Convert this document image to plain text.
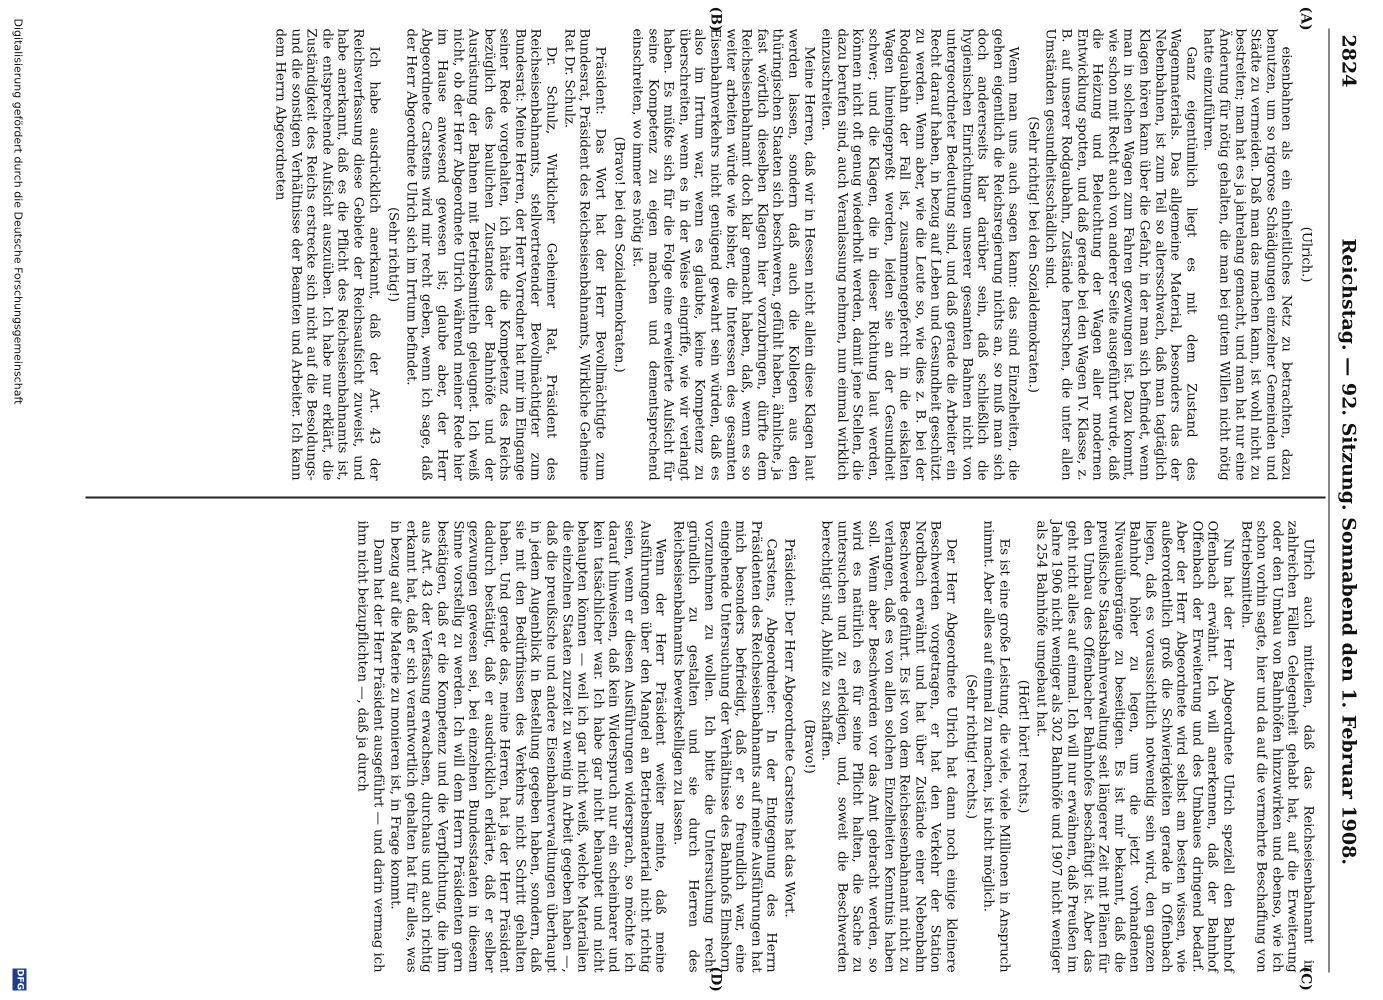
2824
Reichstag. — 92. Sitzung. Sonnabend den 1. Februar 1908.
(A)
(B)
(C)
(D)

(Ulrich.)

eisenbahnen als ein einheitliches Netz zu betrachten, dazu benutzen, um so rigorose Schädigungen einzelner Gemeinden und Städte zu vermeiden. Daß man das machen kann, ist wohl nicht zu bestreiten; man hat es ja jahrelang gemacht, und man hat nur eine Änderung für nötig gehalten, die man bei gutem Willen nicht nötig hatte einzuführen.

Ganz eigentümlich liegt es mit dem Zustand des Wagenmaterials. Das allgemeine Material, besonders das der Nebenbahnen, ist zum Teil so altersschwach, daß man tagtäglich Klagen hören kann über die Gefahr, in der man sich befindet, wenn man in solchen Wagen zum Fahren gezwungen ist. Dazu kommt, wie schon mit Recht auch von anderer Seite ausgeführt wurde, daß die Heizung und Beleuchtung der Wagen aller modernen Entwicklung spotten, und daß gerade bei den Wagen IV. Klasse, z. B. auf unserer Rodgaubahn, Zustände herrschen, die unter allen Umständen gesundheitsschädlich sind.

(Sehr richtig! bei den Sozialdemokraten.)

Wenn man uns auch sagen kann: das sind Einzelheiten, die gehen eigentlich die Reichsregierung nichts an, so muß man sich doch andererseits klar darüber sein, daß schließlich die hygienischen Einrichtungen unserer gesamten Bahnen nicht von untergeordneter Bedeutung sind, und daß gerade die Arbeiter ein Recht darauf haben, in bezug auf Leben und Gesundheit geschützt zu werden. Wenn aber, wie die Leute so, wie dies z. B. bei der Rodgaubahn der Fall ist, zusammengepfercht in die eiskalten Wagen hineingepreßt werden, leiden sie an der Gesundheit schwer; und die Klagen, die in dieser Richtung laut werden, können nicht oft genug wiederholt werden, damit jene Stellen, die dazu berufen sind, auch Veranlassung nehmen, nun einmal wirklich einzuschreiten.

Meine Herren, daß wir in Hessen nicht allein diese Klagen laut werden lassen, sondern daß auch die Kollegen aus den thüringischen Staaten sich beschweren, gefühlt haben, ähnliche, ja fast wörtlich dieselben Klagen hier vorzubringen, dürfte dem Reichseisenbahnamt doch klar gemacht haben, daß, wenn es so weiter arbeiten würde wie bisher, die Interessen des gesamten Eisenbahnverkehrs nicht genügend gewahrt sein würden, daß es also im Irrtum war, wenn es glaubte, keine Kompetenz zu überschreiten, wenn es in der Weise eingriffe, wie wir verlangt haben. Es müßte sich für die Folge eine erweiterte Aufsicht für seine Kompetenz zu eigen machen und dementsprechend einschreiten, wo immer es nötig ist.

(Bravo! bei den Sozialdemokraten.)

Präsident: Das Wort hat der Herr Bevollmächtigte zum Bundesrat, Präsident des Reichseisenbahnamts, Wirkliche Geheime Rat Dr. Schulz.

Dr. Schulz, Wirklicher Geheimer Rat, Präsident des Reichseisenbahnamts, stellvertretender Bevollmächtigter zum Bundesrat: Meine Herren, der Herr Vorredner hat mir im Eingange seiner Rede vorgehalten, ich hätte die Kompetenz des Reichs bezüglich des baulichen Zustandes der Bahnhöfe und der Ausrüstung der Bahnen mit Betriebsmitteln geleugnet. Ich weiß nicht, ob der Herr Abgeordnete Ulrich während meiner Rede hier im Hause anwesend gewesen ist; glaube aber, der Herr Abgeordnete Carstens wird mir recht geben, wenn ich sage, daß der Herr Abgeordnete Ulrich sich im Irrtum befindet.

(Sehr richtig!)

Ich habe ausdrücklich anerkannt, daß der Art. 43 der Reichsverfassung diese Gebiete der Reichsaufsicht zuweist, und habe anerkannt, daß es die Pflicht des Reichseisenbahnamts ist, die entsprechende Aufsicht auszuüben. Ich habe nur erklärt, die Zuständigkeit des Reichs erstrecke sich nicht auf die Besoldungs- und die sonstigen Verhältnisse der Beamten und Arbeiter. Ich kann dem Herrn Abgeordneten

Ulrich auch mitteilen, daß das Reichseisenbahnamt in zahlreichen Fällen Gelegenheit gehabt hat, auf die Erweiterung oder den Umbau von Bahnhöfen hinzuwirken und ebenso, wie ich schon vorhin sagte, hier und da auf die vermehrte Beschaffung von Betriebsmitteln.

Nun hat der Herr Abgeordnete Ulrich speziell den Bahnhof Offenbach erwähnt. Ich will anerkennen, daß der Bahnhof Offenbach der Erweiterung und des Umbaues dringend bedarf. Aber der Herr Abgeordnete wird selbst am besten wissen, wie außerordentlich groß die Schwierigkeiten gerade in Offenbach liegen, daß es voraussichtlich notwendig sein wird, den ganzen Bahnhof höher zu legen, um die jetzt vorhandenen Niveauübergänge zu beseitigen. Es ist mir bekannt, daß die preußische Staatsbahnverwaltung seit längerer Zeit mit Plänen für den Umbau des Offenbacher Bahnhofes beschäftigt ist. Aber das geht nicht alles auf einmal. Ich will nur erwähnen, daß Preußen im Jahre 1906 nicht weniger als 302 Bahnhöfe und 1907 nicht weniger als 254 Bahnhöfe umgebaut hat.

(Hört! hört! rechts.)

Es ist eine große Leistung, die viele, viele Millionen in Anspruch nimmt. Aber alles auf einmal zu machen, ist nicht möglich.

(Sehr richtig! rechts.)

Der Herr Abgeordnete Ulrich hat dann noch einige kleinere Beschwerden vorgetragen, er hat den Verkehr der Station Nordbach erwähnt und hat über Zustände einer Nebenbahn Beschwerde geführt. Es ist von dem Reichseisenbahnamt nicht zu verlangen, daß es von allen solchen Einzelheiten Kenntnis haben soll. Wenn aber Beschwerden vor das Amt gebracht werden, so wird es natürlich es für seine Pflicht halten, die Sache zu untersuchen und zu erledigen, und, soweit die Beschwerden berechtigt sind, Abhilfe zu schaffen.

(Bravo!)

Präsident: Der Herr Abgeordnete Carstens hat das Wort.

Carstens, Abgeordneter: In der Entgegnung des Herrn Präsidenten des Reichseisenbahnamts auf meine Ausführungen hat mich besonders befriedigt, daß er so freundlich war, eine eingehende Untersuchung der Verhältnisse des Bahnhofs Elmshorn vorzunehmen zu wollen. Ich bitte die Untersuchung recht gründlich zu gestalten und sie durch Herren des Reichseisenbahnamts bewerkstelligen zu lassen.

Wenn der Herr Präsident weiter meinte, daß meine Ausführungen über den Mangel an Betriebsmaterial nicht richtig seien, wenn er diesen Ausführungen widersprach, so möchte ich darauf hinweisen, daß kein Widerspruch nur ein scheinbarer und kein tatsächlicher war. Ich habe gar nicht behauptet und nicht behaupten können — weil ich gar nicht weiß, welche Materialien die einzelnen Staaten zurzeit zu wenig in Arbeit gegeben haben —, daß die preußische und andere Eisenbahnverwaltungen überhaupt in jedem Augenblick in Bestellung gegeben haben, sondern, daß sie mit den Bedürfnissen des Verkehrs nicht Schritt gehalten haben. Und gerade das, meine Herren, hat ja der Herr Präsident dadurch bestätigt, daß er ausdrücklich erklärte, daß er selber gezwungen gewesen sei, bei einzelnen Bundesstaaten in diesem Sinne vorstellig zu werden. Ich will dem Herrn Präsidenten gern bestätigen, daß er die Kompetenz und die Verpflichtung, die ihm aus Art. 43 der Verfassung erwachsen, durchaus und auch richtig erkannt hat, daß er sich verantwortlich gehalten hat für alles, was in bezug auf die Materie zu monieren ist, in Frage kommt.

Dann hat der Herr Präsident ausgeführt — und darin vermag ich ihm nicht beizupflichten —, daß ja durch

Digitalisierung gefördert durch die Deutsche Forschungsgemeinschaft
DFG
